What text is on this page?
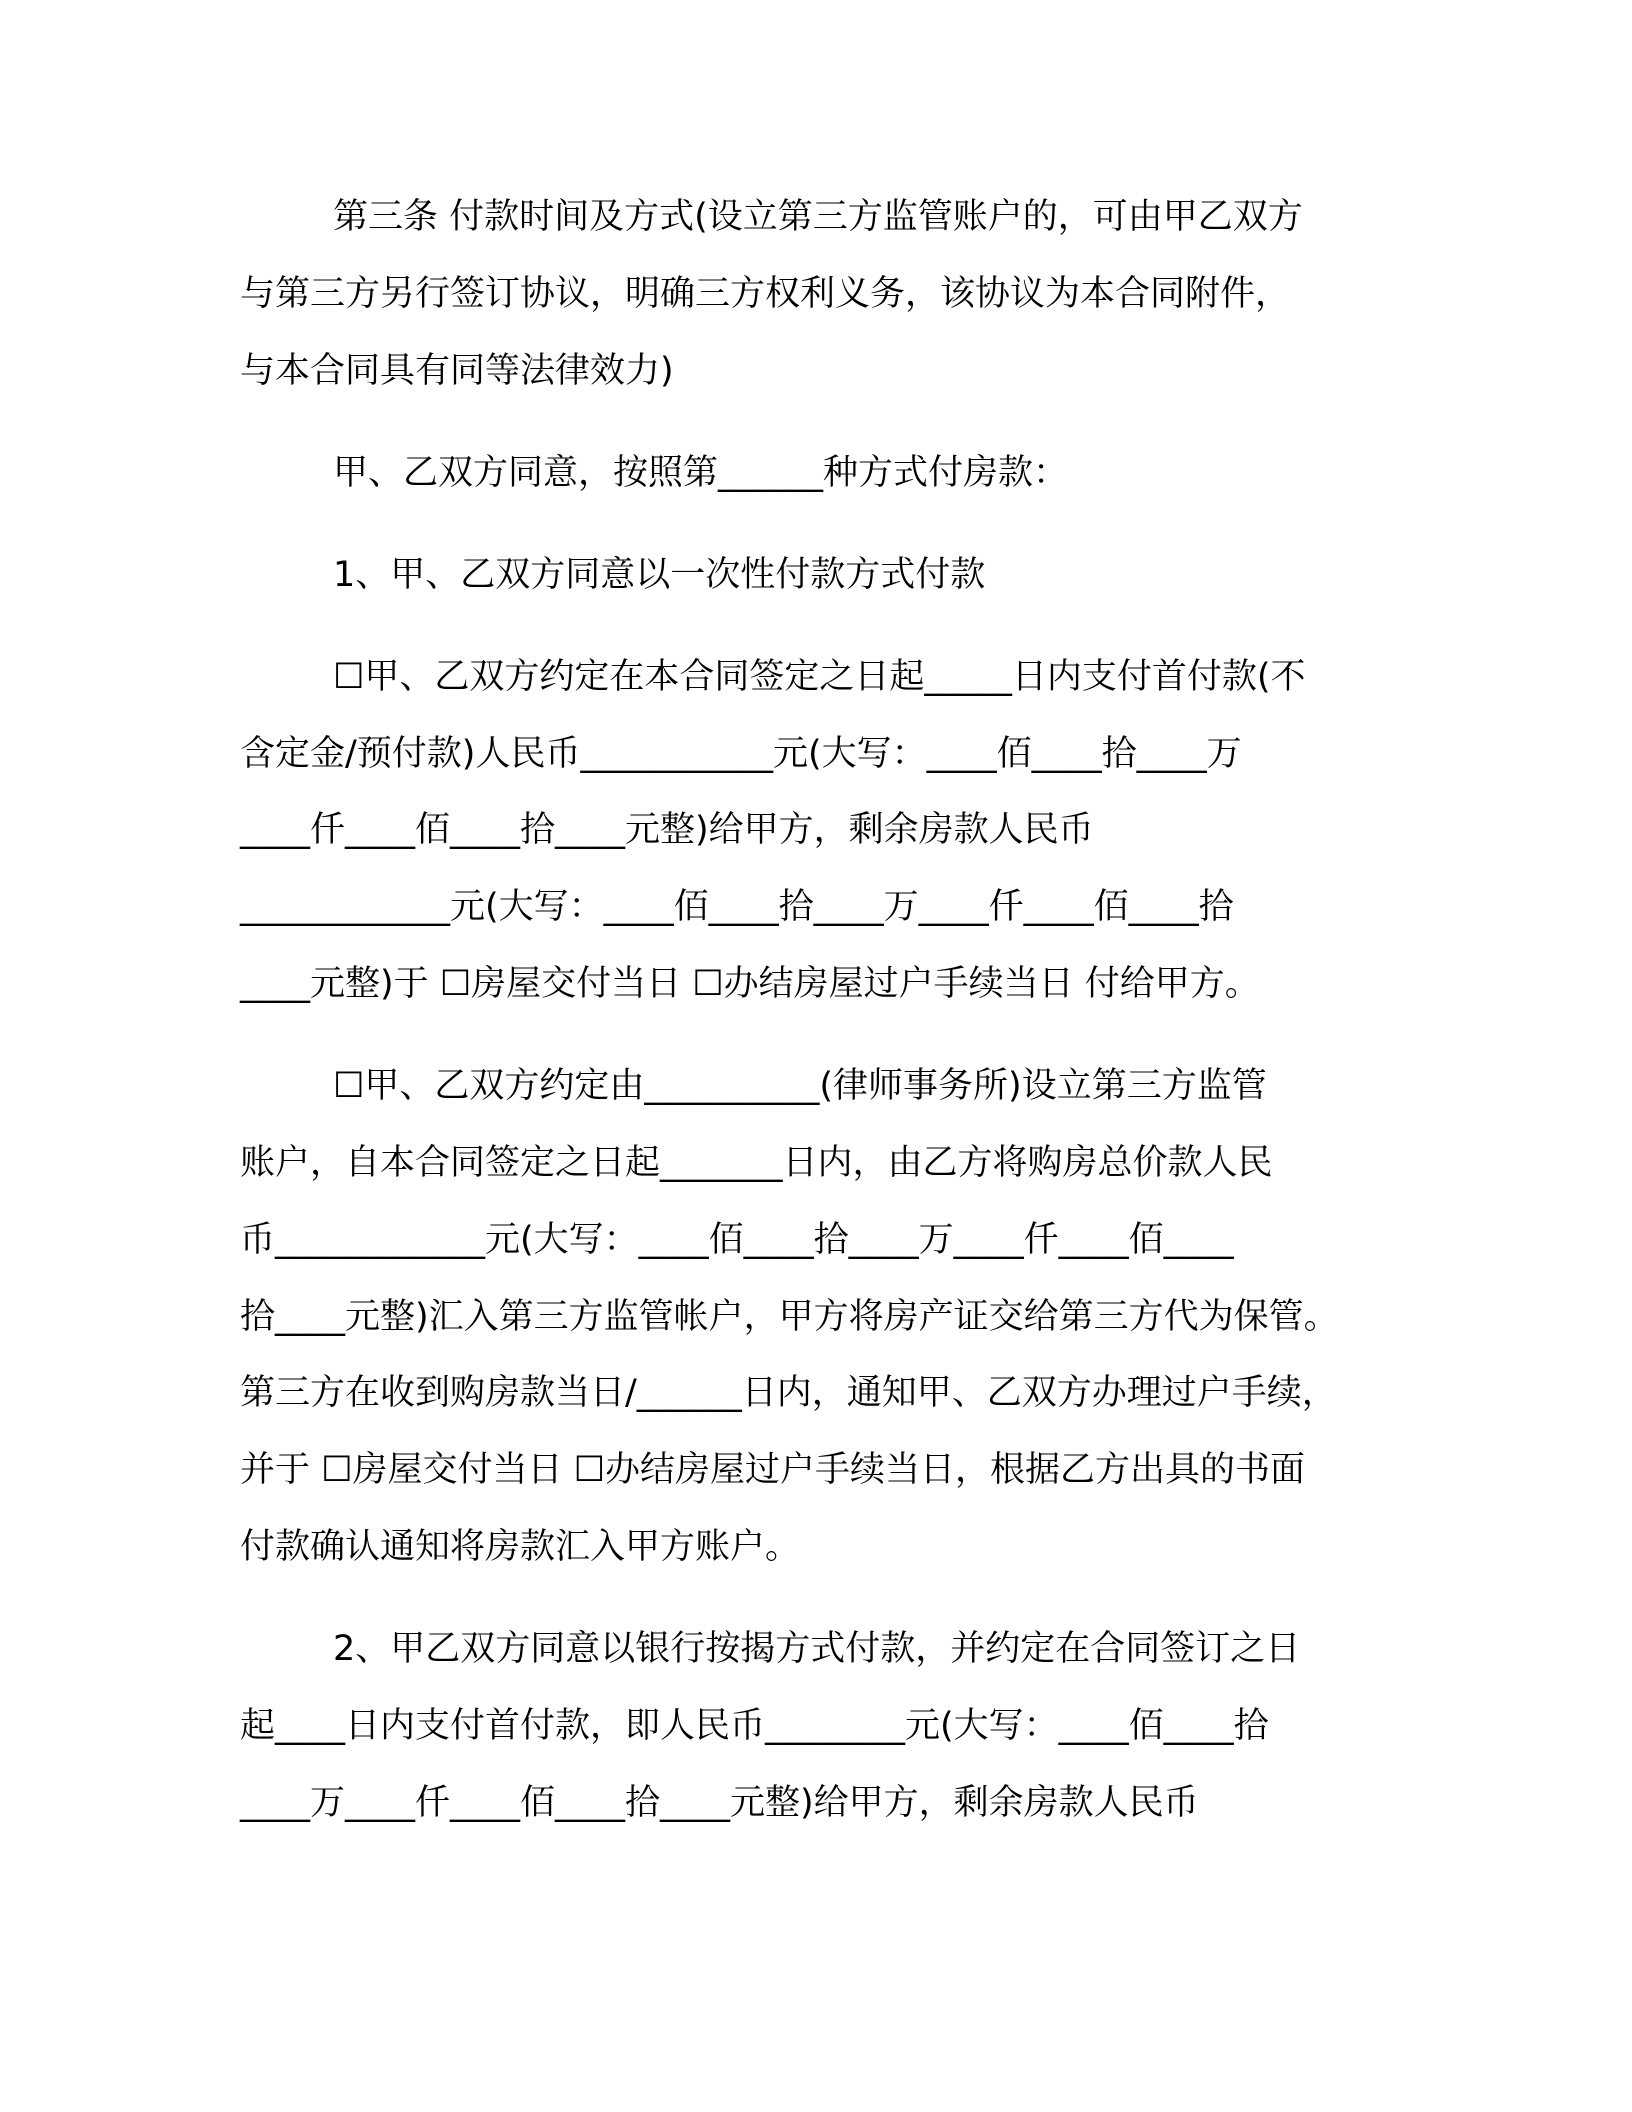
第三条 付款时间及方式(设立第三方监管账户的，可由甲乙双方

与第三方另行签订协议，明确三方权利义务，该协议为本合同附件，

与本合同具有同等法律效力)

甲、乙双方同意，按照第______种方式付房款：

1、甲、乙双方同意以一次性付款方式付款

☐甲、乙双方约定在本合同签定之日起_____日内支付首付款(不

含定金/预付款)人民币___________元(大写：____佰____拾____万

____仟____佰____拾____元整)给甲方，剩余房款人民币

____________元(大写：____佰____拾____万____仟____佰____拾

____元整)于 ☐房屋交付当日 ☐办结房屋过户手续当日 付给甲方。

☐甲、乙双方约定由__________(律师事务所)设立第三方监管

账户，自本合同签定之日起_______日内，由乙方将购房总价款人民

币____________元(大写：____佰____拾____万____仟____佰____

拾____元整)汇入第三方监管帐户，甲方将房产证交给第三方代为保管。

第三方在收到购房款当日/______日内，通知甲、乙双方办理过户手续，

并于 ☐房屋交付当日 ☐办结房屋过户手续当日，根据乙方出具的书面

付款确认通知将房款汇入甲方账户。

2、甲乙双方同意以银行按揭方式付款，并约定在合同签订之日

起____日内支付首付款，即人民币________元(大写：____佰____拾

____万____仟____佰____拾____元整)给甲方，剩余房款人民币
